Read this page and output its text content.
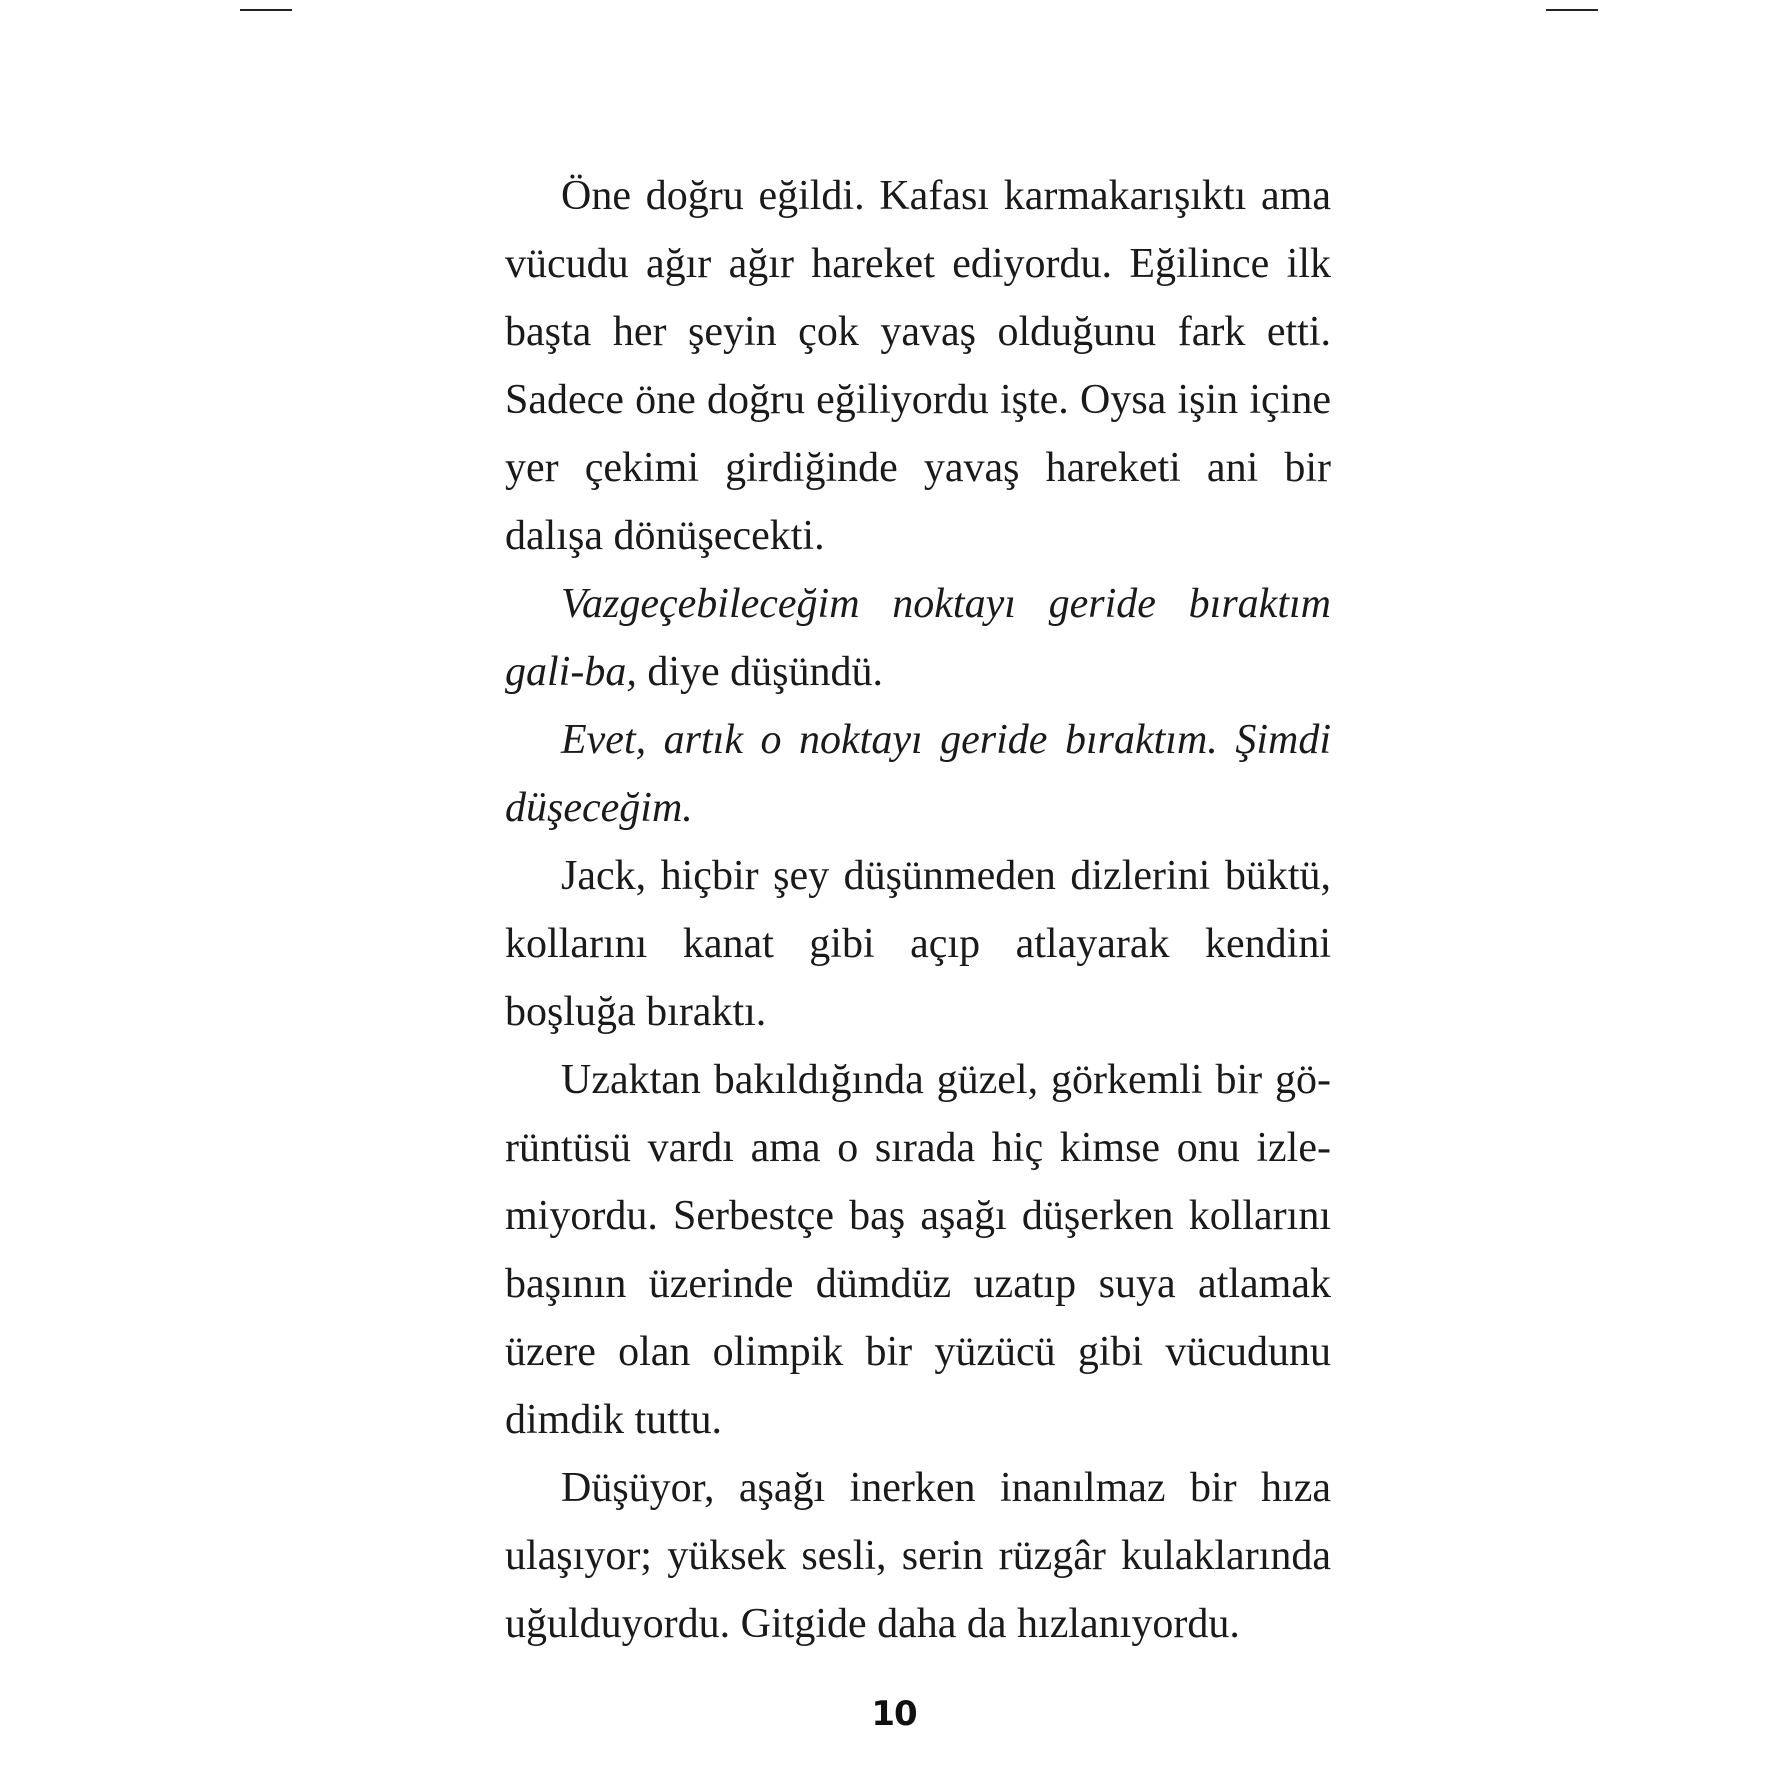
Öne doğru eğildi. Kafası karmakarışıktı ama vücudu ağır ağır hareket ediyordu. Eğilince ilk başta her şeyin çok yavaş olduğunu fark etti. Sadece öne doğru eğiliyordu işte. Oysa işin içine yer çekimi girdiğinde yavaş hareketi ani bir dalışa dönüşecekti.

Vazgeçebileceğim noktayı geride bıraktım gali-ba, diye düşündü.

Evet, artık o noktayı geride bıraktım. Şimdi düşeceğim.

Jack, hiçbir şey düşünmeden dizlerini büktü, kollarını kanat gibi açıp atlayarak kendini boşluğa bıraktı.

Uzaktan bakıldığında güzel, görkemli bir görüntüsü vardı ama o sırada hiç kimse onu izlemiyordu. Serbestçe baş aşağı düşerken kollarını başının üzerinde dümdüz uzatıp suya atlamak üzere olan olimpik bir yüzücü gibi vücudunu dimdik tuttu.

Düşüyor, aşağı inerken inanılmaz bir hıza ulaşıyor; yüksek sesli, serin rüzgâr kulaklarında uğulduyordu. Gitgide daha da hızlanıyordu.

10
